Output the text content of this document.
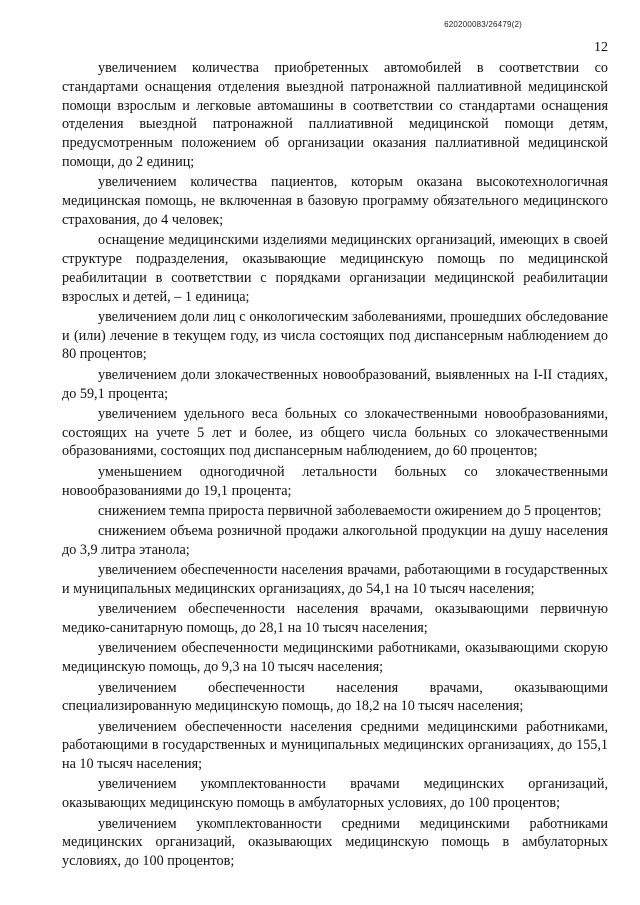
620200083/26479(2)
12

увеличением количества приобретенных автомобилей в соответствии со стандартами оснащения отделения выездной патронажной паллиативной медицинской помощи взрослым и легковые автомашины в соответствии со стандартами оснащения отделения выездной патронажной паллиативной медицинской помощи детям, предусмотренным положением об организации оказания паллиативной медицинской помощи, до 2 единиц;

увеличением количества пациентов, которым оказана высокотехнологичная медицинская помощь, не включенная в базовую программу обязательного медицинского страхования, до 4 человек;

оснащение медицинскими изделиями медицинских организаций, имеющих в своей структуре подразделения, оказывающие медицинскую помощь по медицинской реабилитации в соответствии с порядками организации медицинской реабилитации взрослых и детей, – 1 единица;

увеличением доли лиц с онкологическим заболеваниями, прошедших обследование и (или) лечение в текущем году, из числа состоящих под диспансерным наблюдением до 80 процентов;

увеличением доли злокачественных новообразований, выявленных на I-II стадиях, до 59,1 процента;

увеличением удельного веса больных со злокачественными новообразованиями, состоящих на учете 5 лет и более, из общего числа больных со злокачественными образованиями, состоящих под диспансерным наблюдением, до 60 процентов;

уменьшением одногодичной летальности больных со злокачественными новообразованиями до 19,1 процента;

снижением темпа прироста первичной заболеваемости ожирением до 5 процентов;

снижением объема розничной продажи алкогольной продукции на душу населения до 3,9 литра этанола;

увеличением обеспеченности населения врачами, работающими в государственных и муниципальных медицинских организациях, до 54,1 на 10 тысяч населения;

увеличением обеспеченности населения врачами, оказывающими первичную медико-санитарную помощь, до 28,1 на 10 тысяч населения;

увеличением обеспеченности медицинскими работниками, оказывающими скорую медицинскую помощь, до 9,3 на 10 тысяч населения;

увеличением обеспеченности населения врачами, оказывающими специализированную медицинскую помощь, до 18,2 на 10 тысяч населения;

увеличением обеспеченности населения средними медицинскими работниками, работающими в государственных и муниципальных медицинских организациях, до 155,1 на 10 тысяч населения;

увеличением укомплектованности врачами медицинских организаций, оказывающих медицинскую помощь в амбулаторных условиях, до 100 процентов;

увеличением укомплектованности средними медицинскими работниками медицинских организаций, оказывающих медицинскую помощь в амбулаторных условиях, до 100 процентов;
